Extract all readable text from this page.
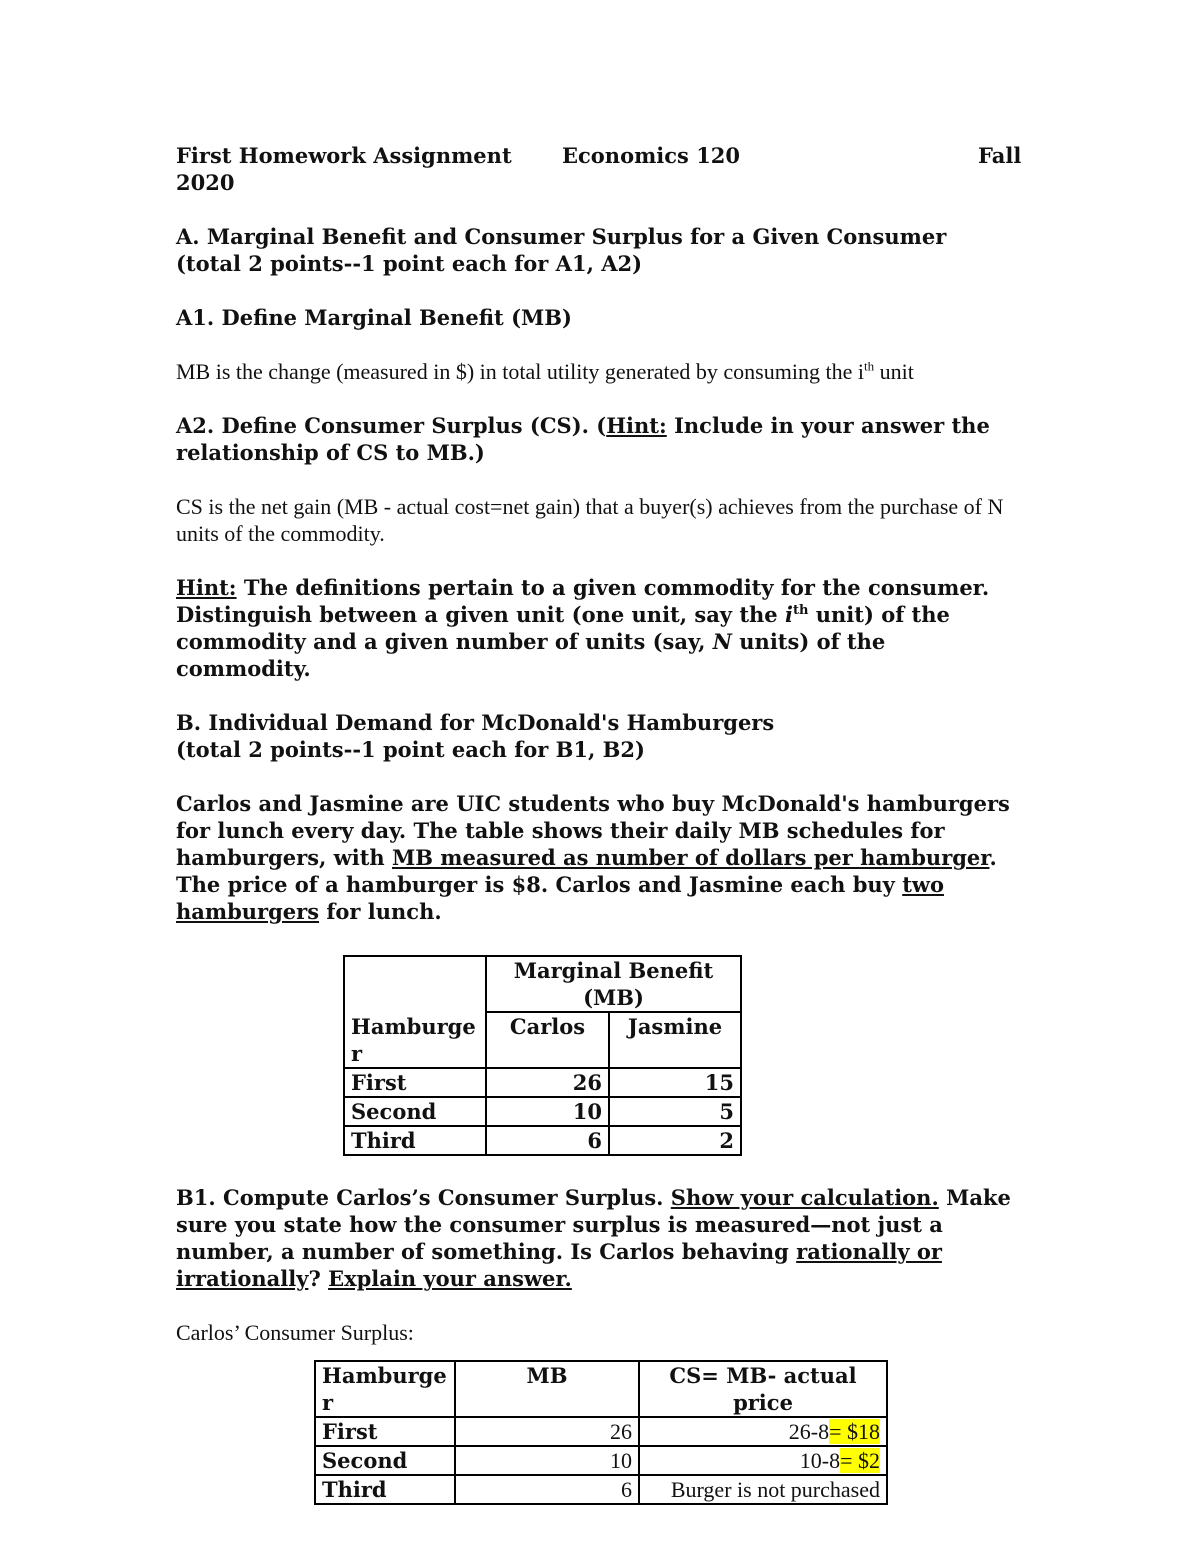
First Homework Assignment Economics 120	Fall
2020
A. Marginal Benefit and Consumer Surplus for a Given Consumer
(total 2 points--1 point each for A1, A2)
A1. Define Marginal Benefit (MB)
MB is the change (measured in $) in total utility generated by consuming the $i^{th}$ unit
A2. Define Consumer Surplus (CS). (Hint: Include in your answer the relationship of CS to MB.)
CS is the net gain (MB - actual cost=net gain) that a buyer(s) achieves from the purchase of N units of the commodity.
Hint: The definitions pertain to a given commodity for the consumer. Distinguish between a given unit (one unit, say the $i^{th}$ unit) of the commodity and a given number of units (say, N units) of the commodity.
B. Individual Demand for McDonald's Hamburgers
(total 2 points--1 point each for B1, B2)
Carlos and Jasmine are UIC students who buy McDonald's hamburgers for lunch every day. The table shows their daily MB schedules for hamburgers, with MB measured as number of dollars per hamburger. The price of a hamburger is $8. Carlos and Jasmine each buy two hamburgers for lunch.
Hamburge r	Marginal Benefit (MB)	
	Carlos	Jasmine
First	26	15
Second	10	5
Third	6	2
B1. Compute Carlos’s Consumer Surplus. Show your calculation. Make sure you state how the consumer surplus is measured—not just a number, a number of something. Is Carlos behaving rationally or irrationally? Explain your answer.
Carlos’ Consumer Surplus:
Hamburge r	MB	CS= MB- actual price
First	26	26-8= $18
Second	10	10-8= $2
Third	6	Burger is not purchased
